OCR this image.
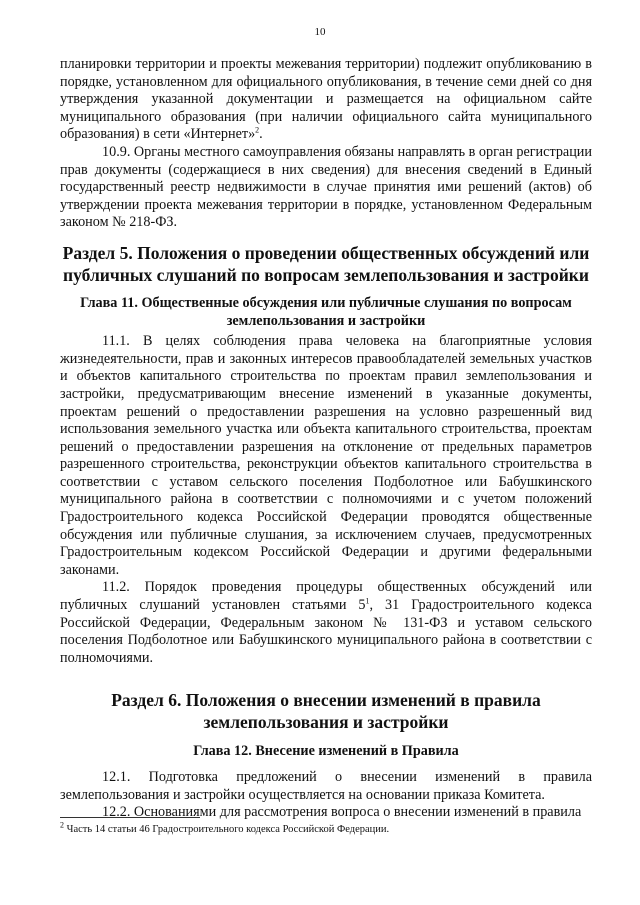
10

планировки территории и проекты межевания территории) подлежит опубликованию в порядке, установленном для официального опубликования, в течение семи дней со дня утверждения указанной документации и размещается на официальном сайте муниципального образования (при наличии официального сайта муниципального образования) в сети «Интернет»$^2$.

10.9. Органы местного самоуправления обязаны направлять в орган регистрации прав документы (содержащиеся в них сведения) для внесения сведений в Единый государственный реестр недвижимости в случае принятия ими решений (актов) об утверждении проекта межевания территории в порядке, установленном Федеральным законом № 218-ФЗ.

Раздел 5. Положения о проведении общественных обсуждений или
публичных слушаний по вопросам землепользования и застройки
Глава 11. Общественные обсуждения или публичные слушания по вопросам
землепользования и застройки

11.1. В целях соблюдения права человека на благоприятные условия жизнедеятельности, прав и законных интересов правообладателей земельных участков и объектов капитального строительства по проектам правил землепользования и застройки, предусматривающим внесение изменений в указанные документы, проектам решений о предоставлении разрешения на условно разрешенный вид использования земельного участка или объекта капитального строительства, проектам решений о предоставлении разрешения на отклонение от предельных параметров разрешенного строительства, реконструкции объектов капитального строительства в соответствии с уставом сельского поселения Подболотное или Бабушкинского муниципального района в соответствии с полномочиями и с учетом положений Градостроительного кодекса Российской Федерации проводятся общественные обсуждения или публичные слушания, за исключением случаев, предусмотренных Градостроительным кодексом Российской Федерации и другими федеральными законами.

11.2. Порядок проведения процедуры общественных обсуждений или публичных слушаний установлен статьями $5^1$, 31 Градостроительного кодекса Российской Федерации, Федеральным законом № 131-ФЗ и уставом сельского поселения Подболотное или Бабушкинского муниципального района в соответствии с полномочиями.

Раздел 6. Положения о внесении изменений в правила
землепользования и застройки
Глава 12. Внесение изменений в Правила

12.1. Подготовка предложений о внесении изменений в правила землепользования и застройки осуществляется на основании приказа Комитета.

12.2. Основаниями для рассмотрения вопроса о внесении изменений в правила

$^2$ Часть 14 статьи 46 Градостроительного кодекса Российской Федерации.
